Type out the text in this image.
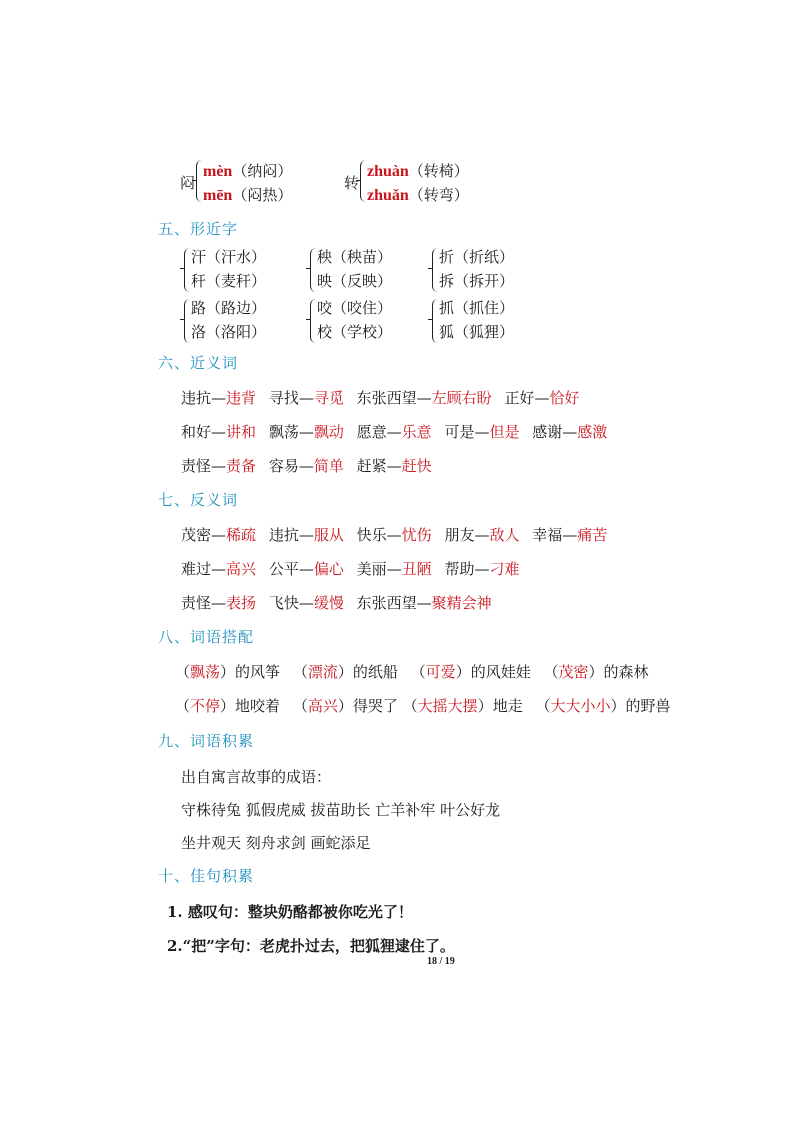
闷
mèn（纳闷）
mēn（闷热）
转
zhuàn（转椅）
zhuǎn（转弯）
五、形近字
汗（汗水）
秆（麦秆）
秧（秧苗）
映（反映）
折（折纸）
拆（拆开）
路（路边）
洛（洛阳）
咬（咬住）
校（学校）
抓（抓住）
狐（狐狸）
六、近义词
违抗—违背 寻找—寻觅 东张西望—左顾右盼 正好—恰好
和好—讲和 飘荡—飘动 愿意—乐意 可是—但是 感谢—感激
责怪—责备 容易—简单 赶紧—赶快
七、反义词
茂密—稀疏 违抗—服从 快乐—忧伤 朋友—敌人 幸福—痛苦
难过—高兴 公平—偏心 美丽—丑陋 帮助—刁难
责怪—表扬 飞快—缓慢 东张西望—聚精会神
八、词语搭配
（飘荡）的风筝 （漂流）的纸船 （可爱）的风娃娃 （茂密）的森林
（不停）地咬着 （高兴）得哭了 （大摇大摆）地走 （大大小小）的野兽
九、词语积累
出自寓言故事的成语：
守株待兔 狐假虎威 拔苗助长 亡羊补牢 叶公好龙
坐井观天 刻舟求剑 画蛇添足
十、佳句积累
1. 感叹句：整块奶酪都被你吃光了！
2.“把”字句：老虎扑过去，把狐狸逮住了。
18 / 19
